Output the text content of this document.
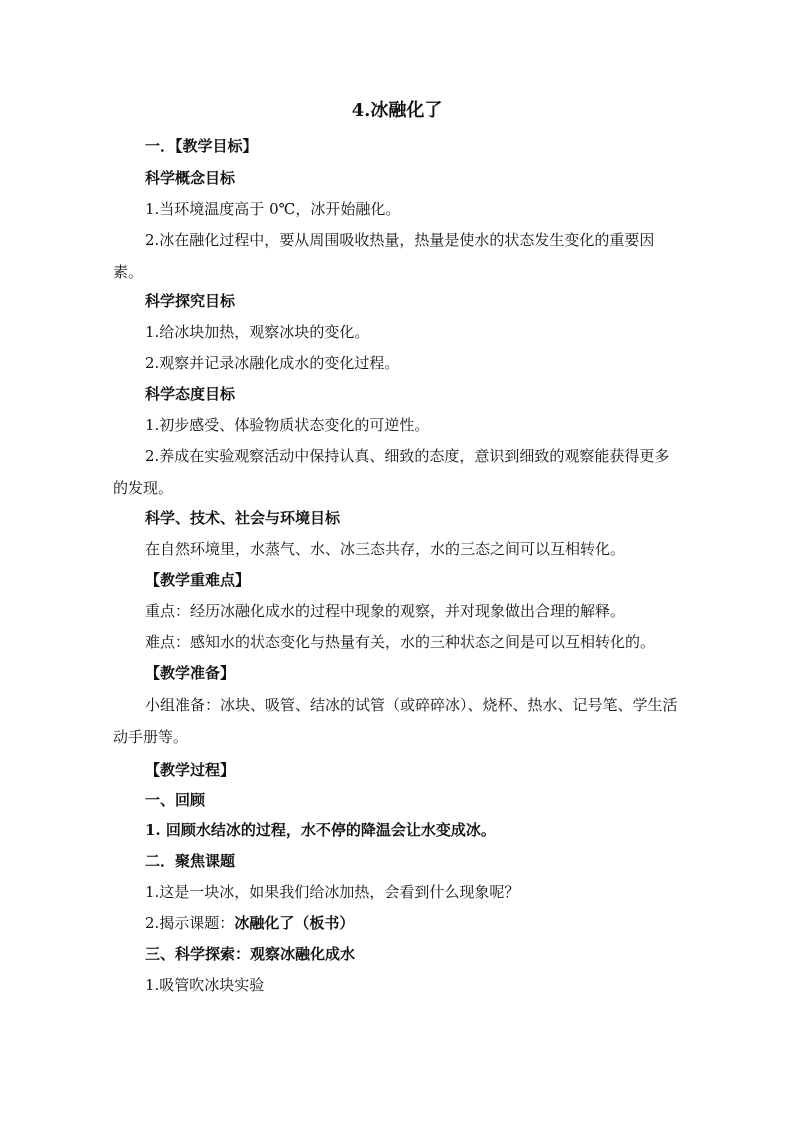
4.冰融化了
一．【教学目标】
科学概念目标
1.当环境温度高于 0℃，冰开始融化。
2.冰在融化过程中，要从周围吸收热量，热量是使水的状态发生变化的重要因素。
科学探究目标
1.给冰块加热，观察冰块的变化。
2.观察并记录冰融化成水的变化过程。
科学态度目标
1.初步感受、体验物质状态变化的可逆性。
2.养成在实验观察活动中保持认真、细致的态度，意识到细致的观察能获得更多的发现。
科学、技术、社会与环境目标
在自然环境里，水蒸气、水、冰三态共存，水的三态之间可以互相转化。
【教学重难点】
重点：经历冰融化成水的过程中现象的观察，并对现象做出合理的解释。
难点：感知水的状态变化与热量有关，水的三种状态之间是可以互相转化的。
【教学准备】
小组准备：冰块、吸管、结冰的试管（或碎碎冰）、烧杯、热水、记号笔、学生活动手册等。
【教学过程】
一、回顾
1. 回顾水结冰的过程，水不停的降温会让水变成冰。
二．聚焦课题
1.这是一块冰，如果我们给冰加热，会看到什么现象呢？
2.揭示课题：冰融化了（板书）
三、科学探索：观察冰融化成水
1.吸管吹冰块实验
